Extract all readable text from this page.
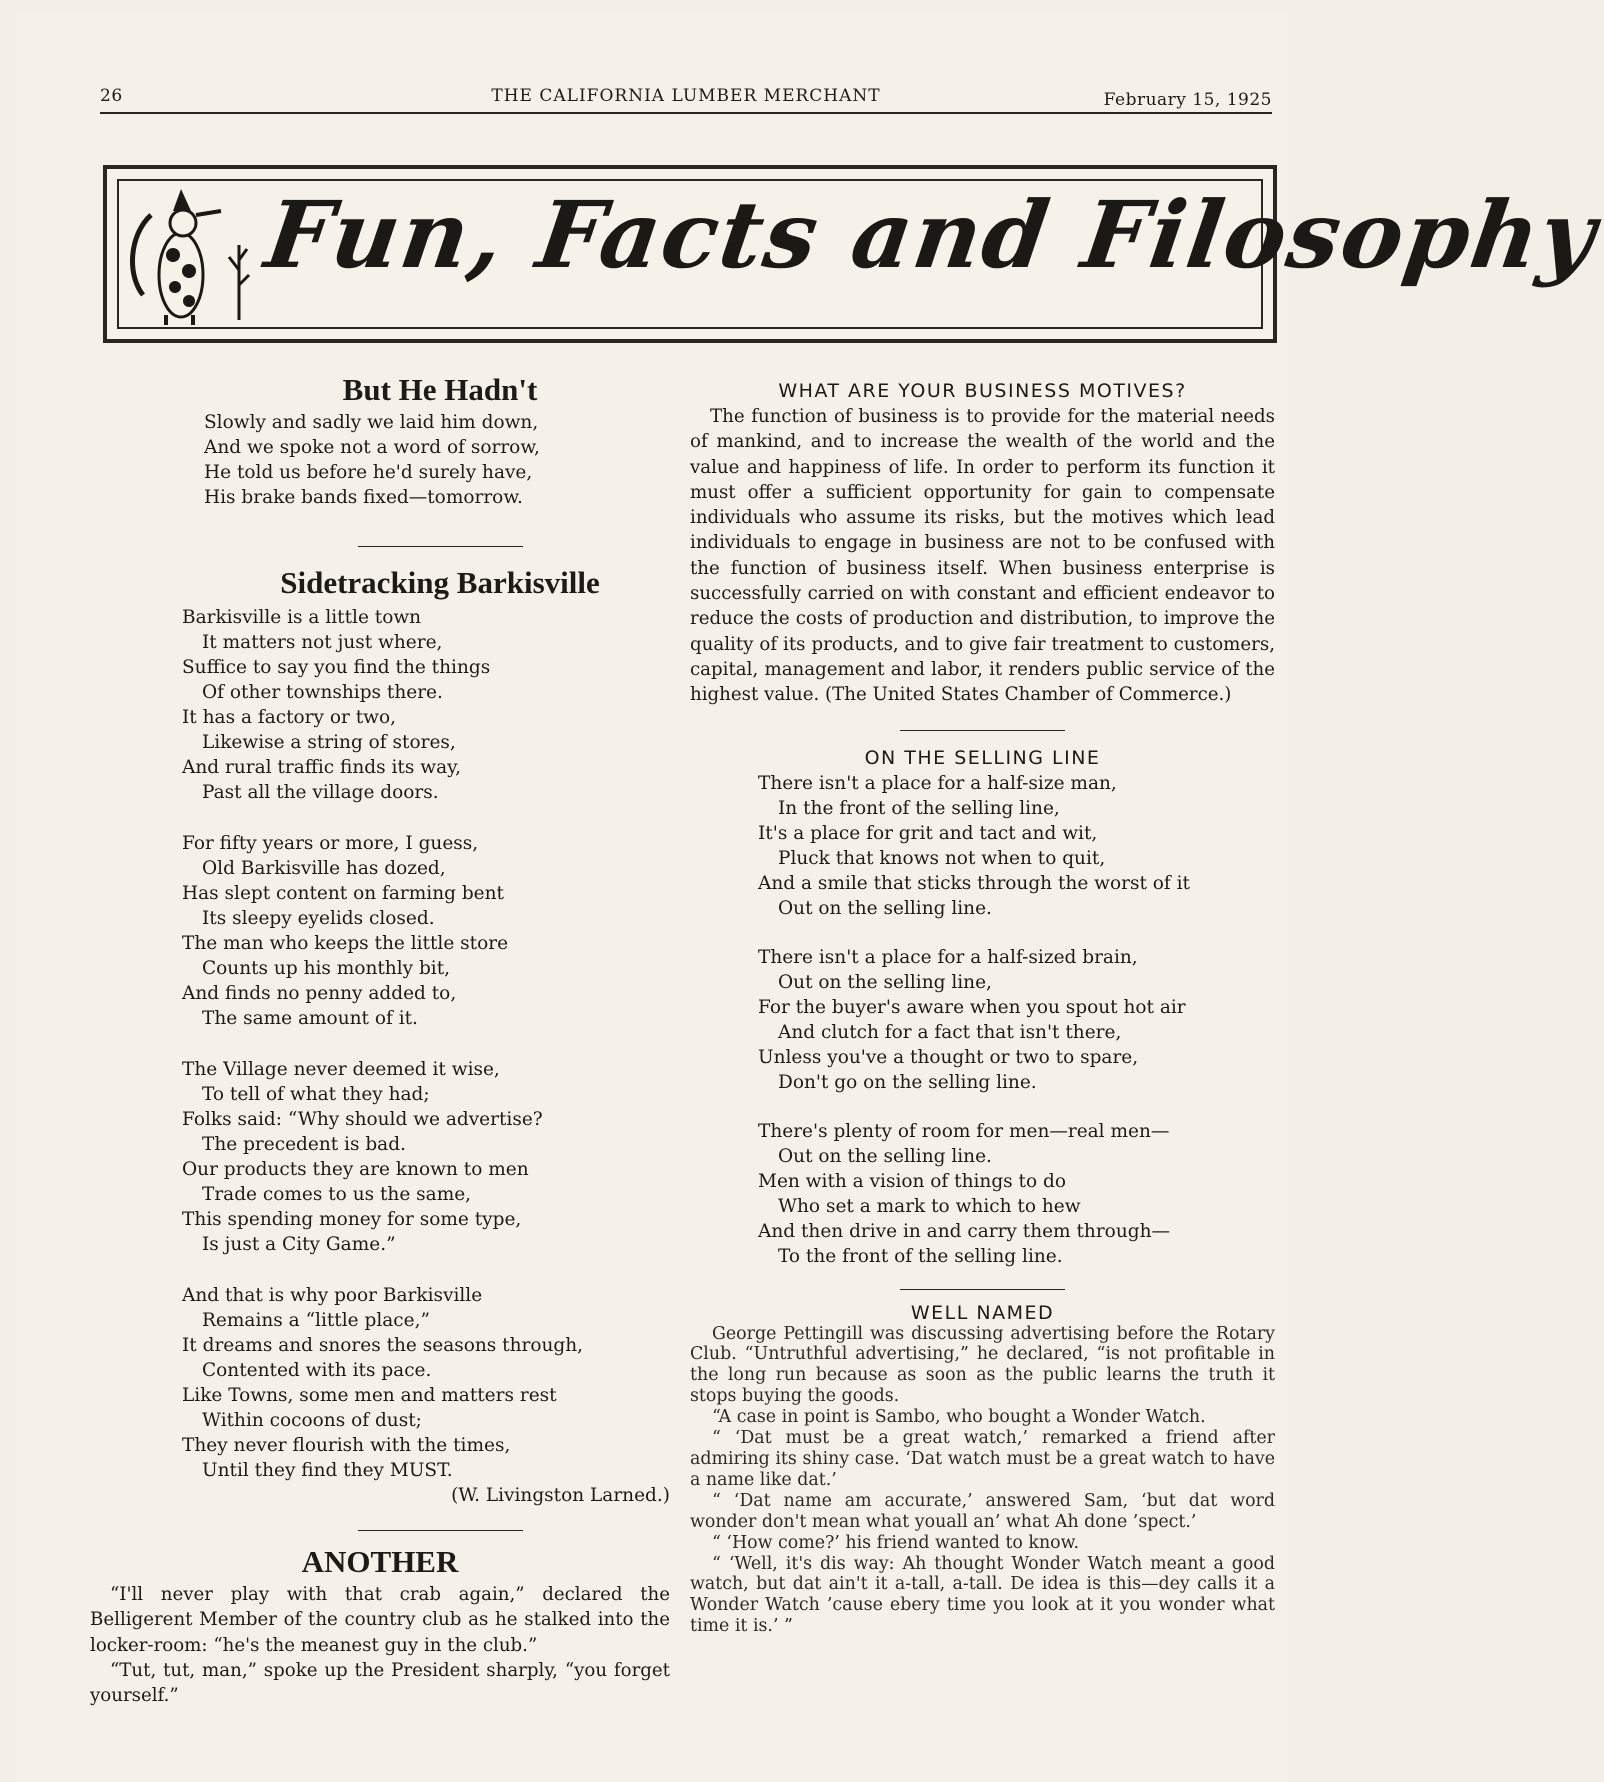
26	THE CALIFORNIA LUMBER MERCHANT	February 15, 1925
Fun, Facts and Filosophy
But He Hadn't
Slowly and sadly we laid him down,
And we spoke not a word of sorrow,
He told us before he'd surely have,
His brake bands fixed—tomorrow.
Sidetracking Barkisville
Barkisville is a little town
It matters not just where,
Suffice to say you find the things
Of other townships there.
It has a factory or two,
Likewise a string of stores,
And rural traffic finds its way,
Past all the village doors.
For fifty years or more, I guess,
Old Barkisville has dozed,
Has slept content on farming bent
Its sleepy eyelids closed.
The man who keeps the little store
Counts up his monthly bit,
And finds no penny added to,
The same amount of it.
The Village never deemed it wise,
To tell of what they had;
Folks said: “Why should we advertise?
The precedent is bad.
Our products they are known to men
Trade comes to us the same,
This spending money for some type,
Is just a City Game.”
And that is why poor Barkisville
Remains a “little place,”
It dreams and snores the seasons through,
Contented with its pace.
Like Towns, some men and matters rest
Within cocoons of dust;
They never flourish with the times,
Until they find they MUST.
(W. Livingston Larned.)
ANOTHER

“I'll never play with that crab again,” declared the Belligerent Member of the country club as he stalked into the locker-room: “he's the meanest guy in the club.”

“Tut, tut, man,” spoke up the President sharply, “you forget yourself.”

WHAT ARE YOUR BUSINESS MOTIVES?

The function of business is to provide for the material needs of mankind, and to increase the wealth of the world and the value and happiness of life. In order to perform its function it must offer a sufficient opportunity for gain to compensate individuals who assume its risks, but the motives which lead individuals to engage in business are not to be confused with the function of business itself. When business enterprise is successfully carried on with constant and efficient endeavor to reduce the costs of production and distribution, to improve the quality of its products, and to give fair treatment to customers, capital, management and labor, it renders public service of the highest value. (The United States Chamber of Commerce.)

ON THE SELLING LINE
There isn't a place for a half-size man,
In the front of the selling line,
It's a place for grit and tact and wit,
Pluck that knows not when to quit,
And a smile that sticks through the worst of it
Out on the selling line.
There isn't a place for a half-sized brain,
Out on the selling line,
For the buyer's aware when you spout hot air
And clutch for a fact that isn't there,
Unless you've a thought or two to spare,
Don't go on the selling line.
There's plenty of room for men—real men—
Out on the selling line.
Men with a vision of things to do
Who set a mark to which to hew
And then drive in and carry them through—
To the front of the selling line.
WELL NAMED

George Pettingill was discussing advertising before the Rotary Club. “Untruthful advertising,” he declared, “is not profitable in the long run because as soon as the public learns the truth it stops buying the goods.

“A case in point is Sambo, who bought a Wonder Watch.

“ ‘Dat must be a great watch,’ remarked a friend after admiring its shiny case. ‘Dat watch must be a great watch to have a name like dat.’

“ ‘Dat name am accurate,’ answered Sam, ‘but dat word wonder don't mean what youall an’ what Ah done ’spect.’

“ ‘How come?’ his friend wanted to know.

“ ‘Well, it's dis way: Ah thought Wonder Watch meant a good watch, but dat ain't it a-tall, a-tall. De idea is this—dey calls it a Wonder Watch ’cause ebery time you look at it you wonder what time it is.’ ”
